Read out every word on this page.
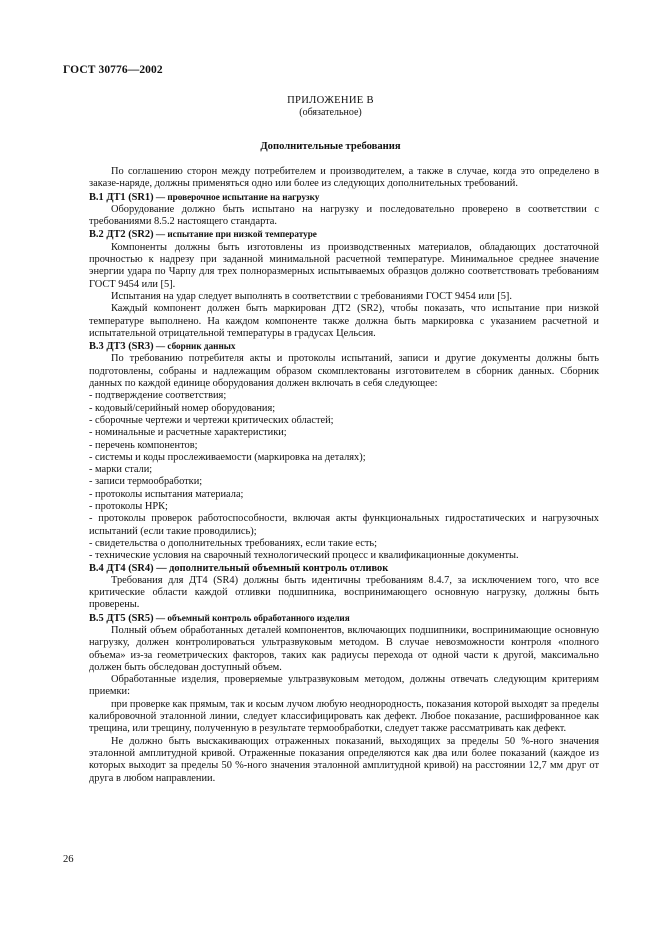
ГОСТ 30776—2002
ПРИЛОЖЕНИЕ В
(обязательное)
Дополнительные требования

По соглашению сторон между потребителем и производителем, а также в случае, когда это определено в заказе-наряде, должны применяться одно или более из следующих дополнительных требований.

В.1 ДТ1 (SR1) — проверочное испытание на нагрузку

Оборудование должно быть испытано на нагрузку и последовательно проверено в соответствии с требованиями 8.5.2 настоящего стандарта.

В.2 ДТ2 (SR2) — испытание при низкой температуре

Компоненты должны быть изготовлены из производственных материалов, обладающих достаточной прочностью к надрезу при заданной минимальной расчетной температуре. Минимальное среднее значение энергии удара по Чарпу для трех полноразмерных испытываемых образцов должно соответствовать требованиям ГОСТ 9454 или [5].

Испытания на удар следует выполнять в соответствии с требованиями ГОСТ 9454 или [5].

Каждый компонент должен быть маркирован ДТ2 (SR2), чтобы показать, что испытание при низкой температуре выполнено. На каждом компоненте также должна быть маркировка с указанием расчетной и испытательной отрицательной температуры в градусах Цельсия.

В.3 ДТ3 (SR3) — сборник данных

По требованию потребителя акты и протоколы испытаний, записи и другие документы должны быть подготовлены, собраны и надлежащим образом скомплектованы изготовителем в сборник данных. Сборник данных по каждой единице оборудования должен включать в себя следующее:

- подтверждение соответствия;

- кодовый/серийный номер оборудования;

- сборочные чертежи и чертежи критических областей;

- номинальные и расчетные характеристики;

- перечень компонентов;

- системы и коды прослеживаемости (маркировка на деталях);

- марки стали;

- записи термообработки;

- протоколы испытания материала;

- протоколы НРК;

- протоколы проверок работоспособности, включая акты функциональных гидростатических и нагрузочных испытаний (если такие проводились);

- свидетельства о дополнительных требованиях, если такие есть;

- технические условия на сварочный технологический процесс и квалификационные документы.

В.4 ДТ4 (SR4) — дополнительный объемный контроль отливок

Требования для ДТ4 (SR4) должны быть идентичны требованиям 8.4.7, за исключением того, что все критические области каждой отливки подшипника, воспринимающего основную нагрузку, должны быть проверены.

В.5 ДТ5 (SR5) — объемный контроль обработанного изделия

Полный объем обработанных деталей компонентов, включающих подшипники, воспринимающие основную нагрузку, должен контролироваться ультразвуковым методом. В случае невозможности контроля «полного объема» из-за геометрических факторов, таких как радиусы перехода от одной части к другой, максимально должен быть обследован доступный объем.

Обработанные изделия, проверяемые ультразвуковым методом, должны отвечать следующим критериям приемки:

при проверке как прямым, так и косым лучом любую неоднородность, показания которой выходят за пределы калибровочной эталонной линии, следует классифицировать как дефект. Любое показание, расшифрованное как трещина, или трещину, полученную в результате термообработки, следует также рассматривать как дефект.

Не должно быть выскакивающих отраженных показаний, выходящих за пределы 50 %-ного значения эталонной амплитудной кривой. Отраженные показания определяются как два или более показаний (каждое из которых выходит за пределы 50 %-ного значения эталонной амплитудной кривой) на расстоянии 12,7 мм друг от друга в любом направлении.

26
